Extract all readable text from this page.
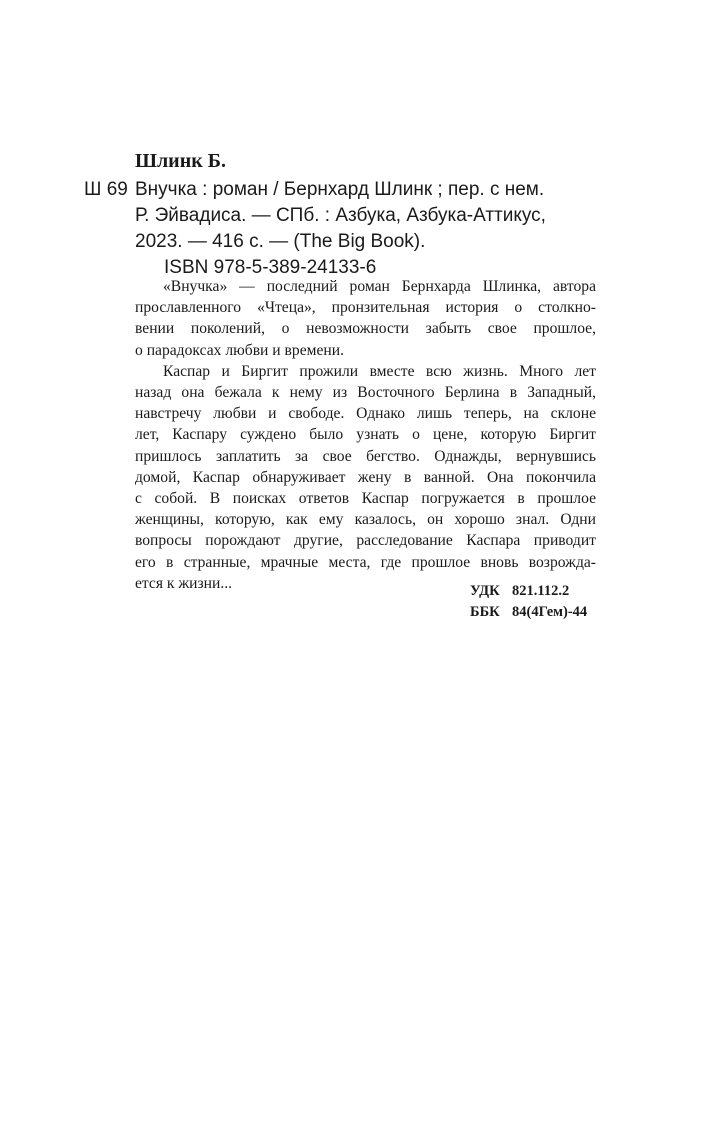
Шлинк Б.
Ш 69 Внучка : роман / Бернхард Шлинк ; пер. с нем.
Р. Эйвадиса. — СПб. : Азбука, Азбука-Аттикус,
2023. — 416 с. — (The Big Book).
ISBN 978-5-389-24133-6
«Внучка» — последний роман Бернхарда Шлинка, автора
прославленного «Чтеца», пронзительная история о столкно-
вении поколений, о невозможности забыть свое прошлое,
о парадоксах любви и времени.
Каспар и Биргит прожили вместе всю жизнь. Много лет
назад она бежала к нему из Восточного Берлина в Западный,
навстречу любви и свободе. Однако лишь теперь, на склоне
лет, Каспару суждено было узнать о цене, которую Биргит
пришлось заплатить за свое бегство. Однажды, вернувшись
домой, Каспар обнаруживает жену в ванной. Она покончила
с собой. В поисках ответов Каспар погружается в прошлое
женщины, которую, как ему казалось, он хорошо знал. Одни
вопросы порождают другие, расследование Каспара приводит
его в странные, мрачные места, где прошлое вновь возрожда-
ется к жизни...	УДК 821.112.2
ББК 84(4Гем)-44
